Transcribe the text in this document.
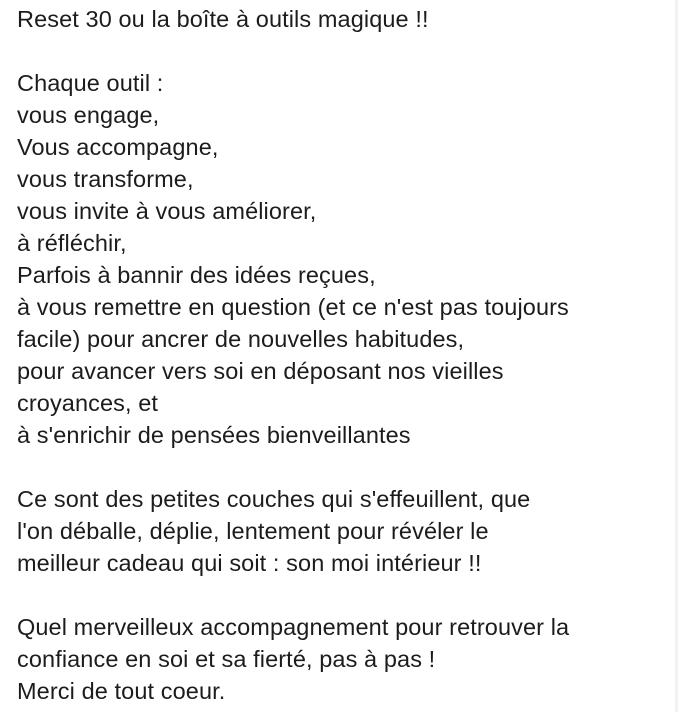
Reset 30 ou la boîte à outils magique !!
Chaque outil :
vous engage,
Vous accompagne,
vous transforme,
vous invite à vous améliorer,
à réfléchir,
Parfois à bannir des idées reçues,
à vous remettre en question (et ce n'est pas toujours
facile) pour ancrer de nouvelles habitudes,
pour avancer vers soi en déposant nos vieilles
croyances, et
à s'enrichir de pensées bienveillantes
Ce sont des petites couches qui s'effeuillent, que
l'on déballe, déplie, lentement pour révéler le
meilleur cadeau qui soit : son moi intérieur !!
Quel merveilleux accompagnement pour retrouver la
confiance en soi et sa fierté, pas à pas !
Merci de tout coeur.
